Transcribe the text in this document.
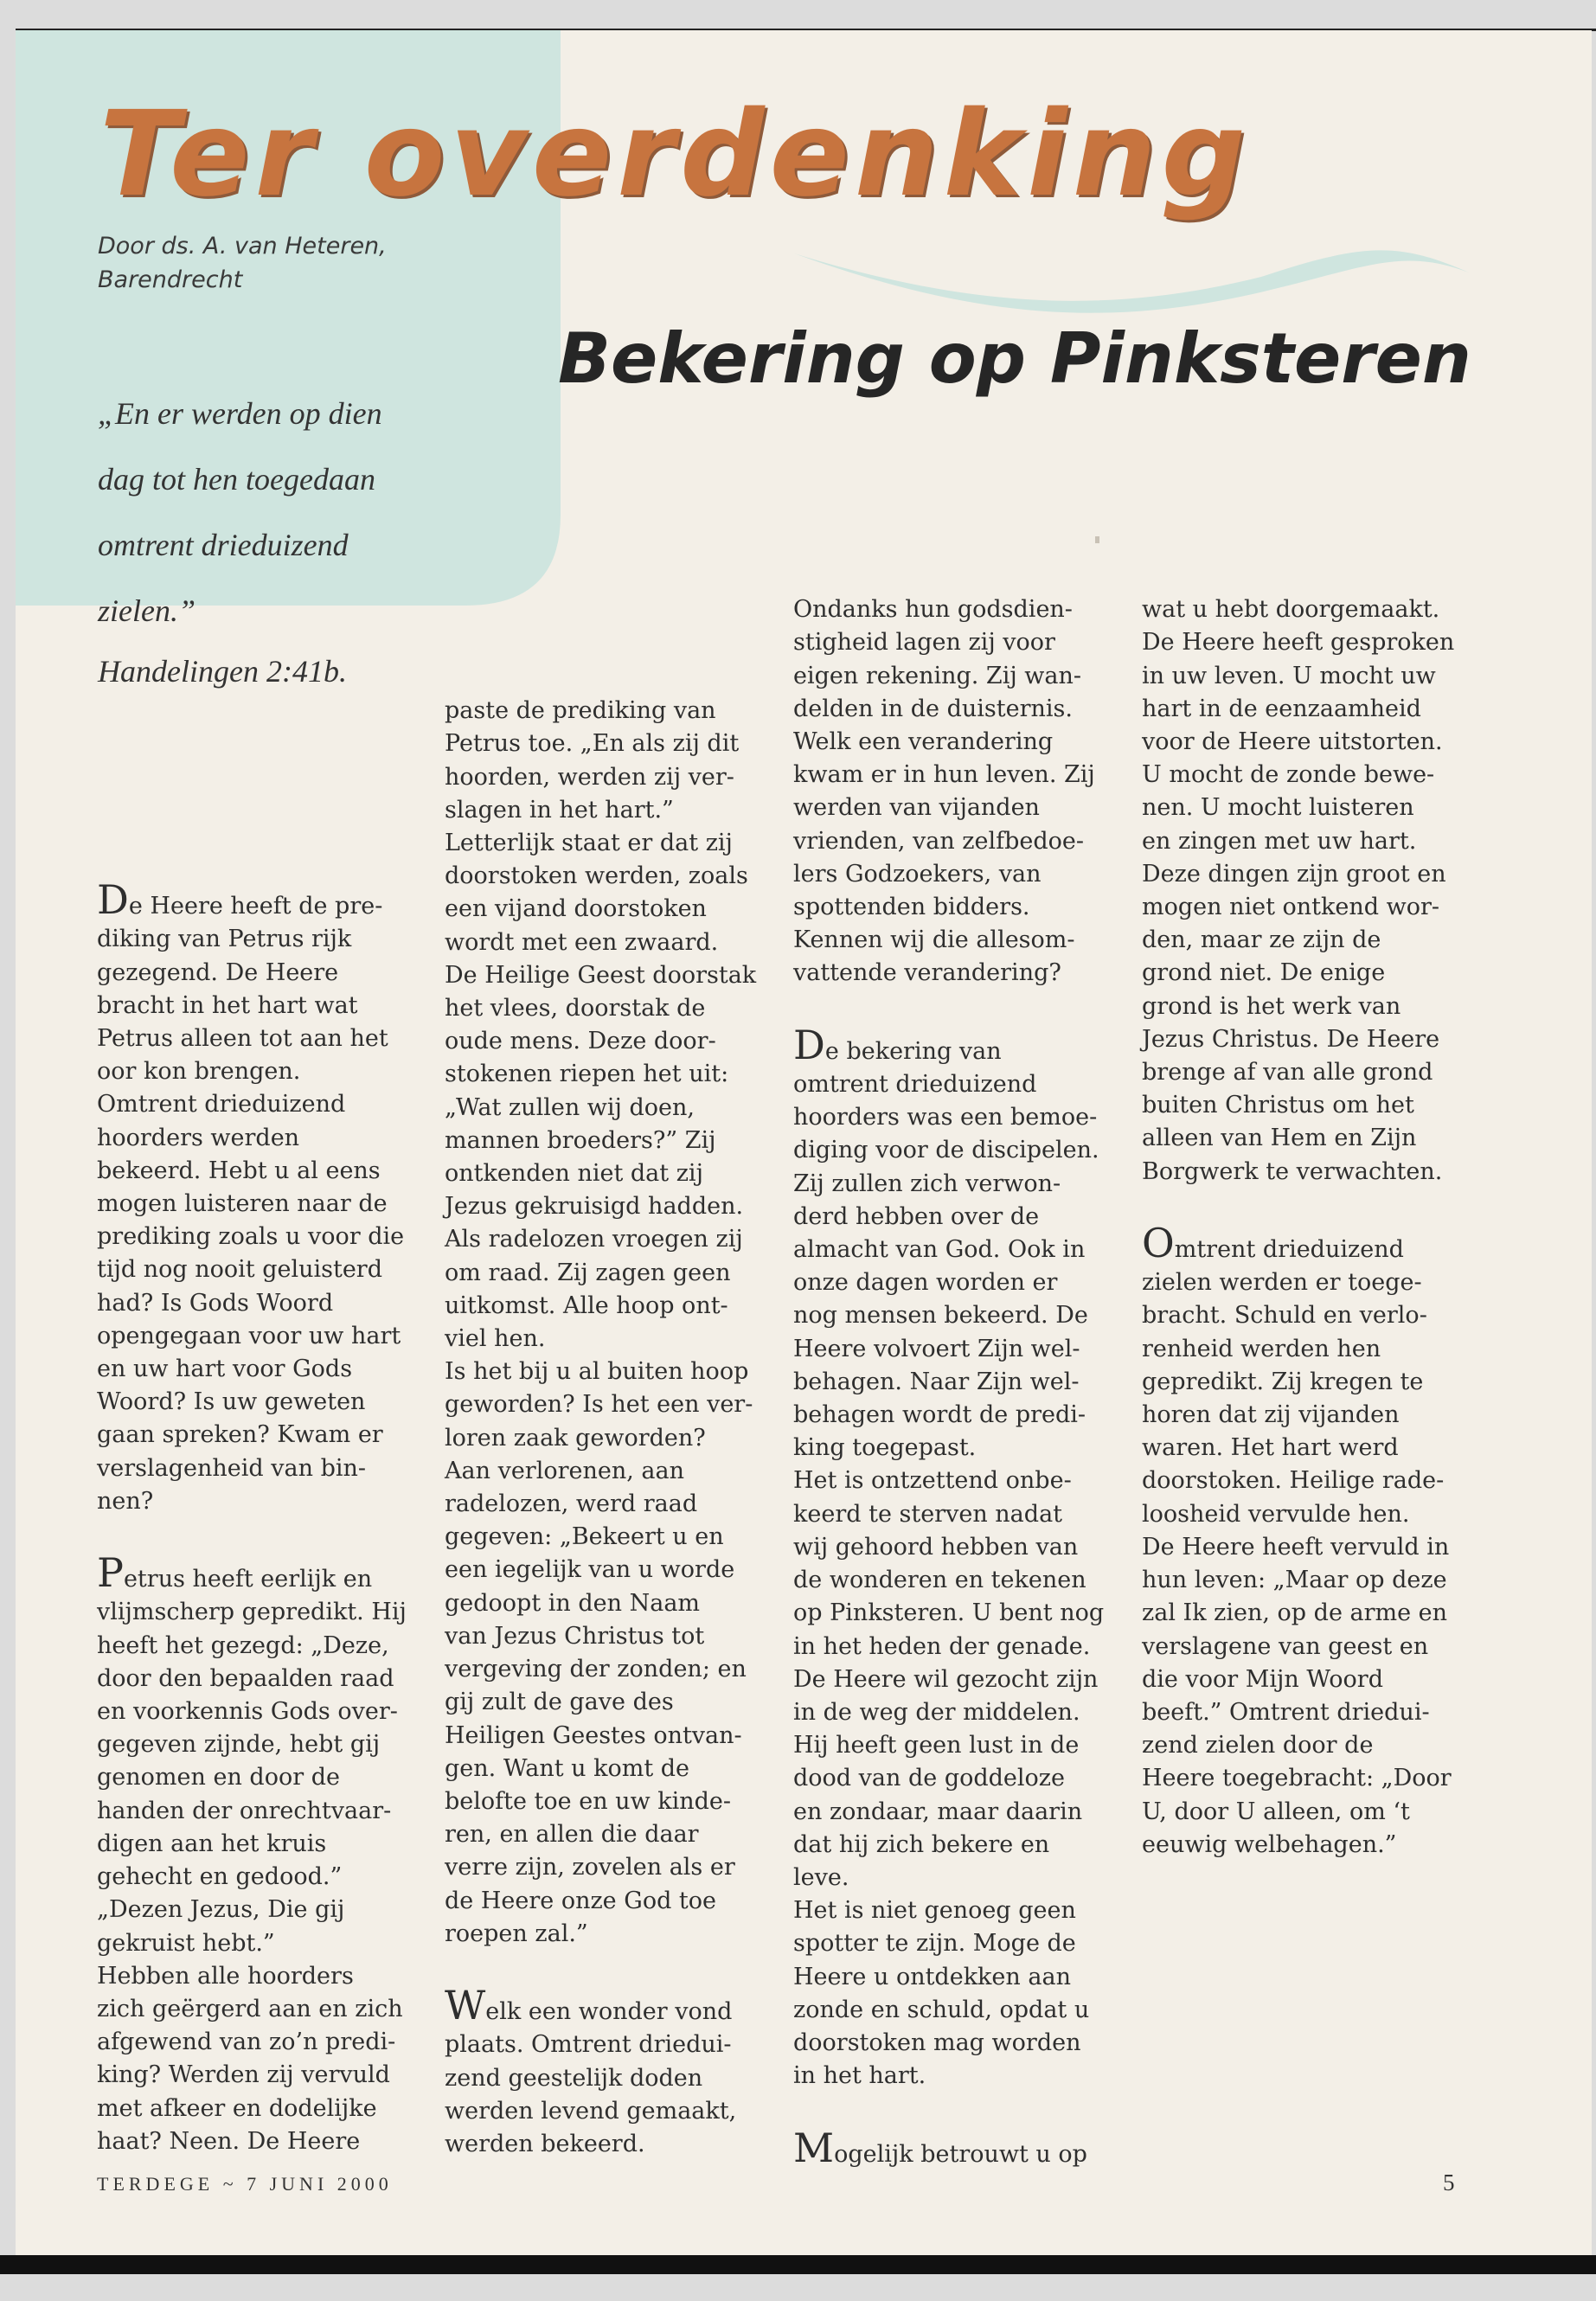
Ter overdenking
Door ds. A. van Heteren,
Barendrecht
Bekering op Pinksteren
„En er werden op dien dag tot hen toegedaan omtrent drieduizend zielen.”
Handelingen 2:41b.

De Heere heeft de pre-
diking van Petrus rijk
gezegend. De Heere
bracht in het hart wat
Petrus alleen tot aan het
oor kon brengen.
Omtrent drieduizend
hoorders werden
bekeerd. Hebt u al eens
mogen luisteren naar de
prediking zoals u voor die
tijd nog nooit geluisterd
had? Is Gods Woord
opengegaan voor uw hart
en uw hart voor Gods
Woord? Is uw geweten
gaan spreken? Kwam er
verslagenheid van bin-
nen?

Petrus heeft eerlijk en
vlijmscherp gepredikt. Hij
heeft het gezegd: „Deze,
door den bepaalden raad
en voorkennis Gods over-
gegeven zijnde, hebt gij
genomen en door de
handen der onrechtvaar-
digen aan het kruis
gehecht en gedood.”
„Dezen Jezus, Die gij
gekruist hebt.”
Hebben alle hoorders
zich geërgerd aan en zich
afgewend van zo’n predi-
king? Werden zij vervuld
met afkeer en dodelijke
haat? Neen. De Heere

paste de prediking van
Petrus toe. „En als zij dit
hoorden, werden zij ver-
slagen in het hart.”
Letterlijk staat er dat zij
doorstoken werden, zoals
een vijand doorstoken
wordt met een zwaard.
De Heilige Geest doorstak
het vlees, doorstak de
oude mens. Deze door-
stokenen riepen het uit:
„Wat zullen wij doen,
mannen broeders?” Zij
ontkenden niet dat zij
Jezus gekruisigd hadden.
Als radelozen vroegen zij
om raad. Zij zagen geen
uitkomst. Alle hoop ont-
viel hen.
Is het bij u al buiten hoop
geworden? Is het een ver-
loren zaak geworden?
Aan verlorenen, aan
radelozen, werd raad
gegeven: „Bekeert u en
een iegelijk van u worde
gedoopt in den Naam
van Jezus Christus tot
vergeving der zonden; en
gij zult de gave des
Heiligen Geestes ontvan-
gen. Want u komt de
belofte toe en uw kinde-
ren, en allen die daar
verre zijn, zovelen als er
de Heere onze God toe
roepen zal.”

Welk een wonder vond
plaats. Omtrent driedui-
zend geestelijk doden
werden levend gemaakt,
werden bekeerd.

Ondanks hun godsdien-
stigheid lagen zij voor
eigen rekening. Zij wan-
delden in de duisternis.
Welk een verandering
kwam er in hun leven. Zij
werden van vijanden
vrienden, van zelfbedoe-
lers Godzoekers, van
spottenden bidders.
Kennen wij die allesom-
vattende verandering?

De bekering van
omtrent drieduizend
hoorders was een bemoe-
diging voor de discipelen.
Zij zullen zich verwon-
derd hebben over de
almacht van God. Ook in
onze dagen worden er
nog mensen bekeerd. De
Heere volvoert Zijn wel-
behagen. Naar Zijn wel-
behagen wordt de predi-
king toegepast.
Het is ontzettend onbe-
keerd te sterven nadat
wij gehoord hebben van
de wonderen en tekenen
op Pinksteren. U bent nog
in het heden der genade.
De Heere wil gezocht zijn
in de weg der middelen.
Hij heeft geen lust in de
dood van de goddeloze
en zondaar, maar daarin
dat hij zich bekere en
leve.
Het is niet genoeg geen
spotter te zijn. Moge de
Heere u ontdekken aan
zonde en schuld, opdat u
doorstoken mag worden
in het hart.

Mogelijk betrouwt u op

wat u hebt doorgemaakt.
De Heere heeft gesproken
in uw leven. U mocht uw
hart in de eenzaamheid
voor de Heere uitstorten.
U mocht de zonde bewe-
nen. U mocht luisteren
en zingen met uw hart.
Deze dingen zijn groot en
mogen niet ontkend wor-
den, maar ze zijn de
grond niet. De enige
grond is het werk van
Jezus Christus. De Heere
brenge af van alle grond
buiten Christus om het
alleen van Hem en Zijn
Borgwerk te verwachten.

Omtrent drieduizend
zielen werden er toege-
bracht. Schuld en verlo-
renheid werden hen
gepredikt. Zij kregen te
horen dat zij vijanden
waren. Het hart werd
doorstoken. Heilige rade-
loosheid vervulde hen.
De Heere heeft vervuld in
hun leven: „Maar op deze
zal Ik zien, op de arme en
verslagene van geest en
die voor Mijn Woord
beeft.” Omtrent driedui-
zend zielen door de
Heere toegebracht: „Door
U, door U alleen, om ‘t
eeuwig welbehagen.”

TERDEGE ~ 7 JUNI 2000	5
